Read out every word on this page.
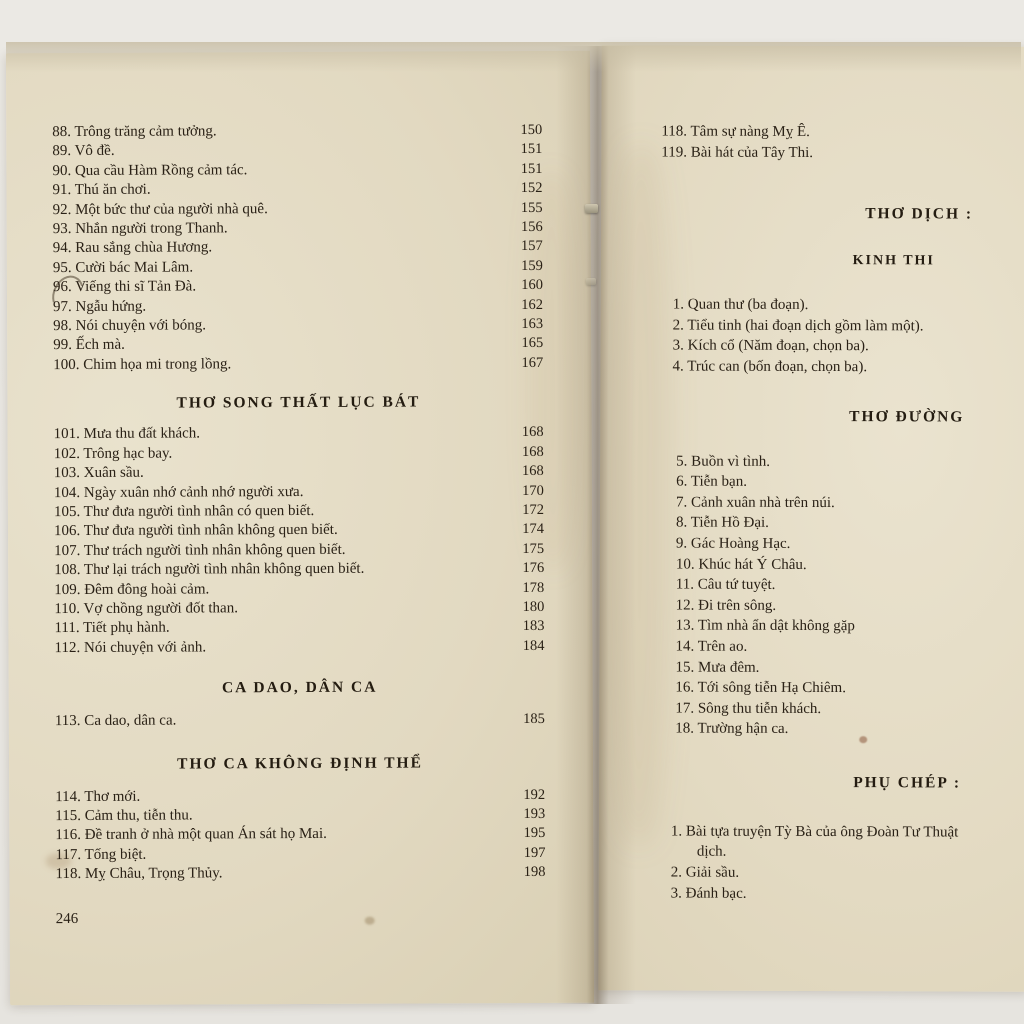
88. Trông trăng cảm tưởng.	150
89. Vô đề.	151
90. Qua cầu Hàm Rồng cảm tác.	151
91. Thú ăn chơi.	152
92. Một bức thư của người nhà quê.	155
93. Nhắn người trong Thanh.	156
94. Rau sắng chùa Hương.	157
95. Cười bác Mai Lâm.	159
96. Viếng thi sĩ Tản Đà.	160
97. Ngẫu hứng.	162
98. Nói chuyện với bóng.	163
99. Ếch mà.	165
100. Chim họa mi trong lồng.	167
THƠ SONG THẤT LỤC BÁT
101. Mưa thu đất khách.	168
102. Trông hạc bay.	168
103. Xuân sầu.	168
104. Ngày xuân nhớ cảnh nhớ người xưa.	170
105. Thư đưa người tình nhân có quen biết.	172
106. Thư đưa người tình nhân không quen biết.	174
107. Thư trách người tình nhân không quen biết.	175
108. Thư lại trách người tình nhân không quen biết.	176
109. Đêm đông hoài cảm.	178
110. Vợ chồng người đốt than.	180
111. Tiết phụ hành.	183
112. Nói chuyện với ảnh.	184
CA DAO, DÂN CA
113. Ca dao, dân ca.	185
THƠ CA KHÔNG ĐỊNH THỂ
114. Thơ mới.	192
115. Cảm thu, tiễn thu.	193
116. Đề tranh ở nhà một quan Án sát họ Mai.	195
117. Tống biệt.	197
118. Mỵ Châu, Trọng Thủy.	198
246
118. Tâm sự nàng Mỵ Ê.
119. Bài hát của Tây Thi.
THƠ DỊCH :
KINH THI
1. Quan thư (ba đoạn).
2. Tiểu tinh (hai đoạn dịch gồm làm một).
3. Kích cổ (Năm đoạn, chọn ba).
4. Trúc can (bốn đoạn, chọn ba).
THƠ ĐƯỜNG
5. Buồn vì tình.
6. Tiễn bạn.
7. Cảnh xuân nhà trên núi.
8. Tiễn Hồ Đại.
9. Gác Hoàng Hạc.
10. Khúc hát Ý Châu.
11. Câu tứ tuyệt.
12. Đi trên sông.
13. Tìm nhà ẩn dật không gặp
14. Trên ao.
15. Mưa đêm.
16. Tới sông tiễn Hạ Chiêm.
17. Sông thu tiễn khách.
18. Trường hận ca.
PHỤ CHÉP :
1. Bài tựa truyện Tỳ Bà của ông Đoàn Tư Thuật dịch.
2. Giải sầu.
3. Đánh bạc.
